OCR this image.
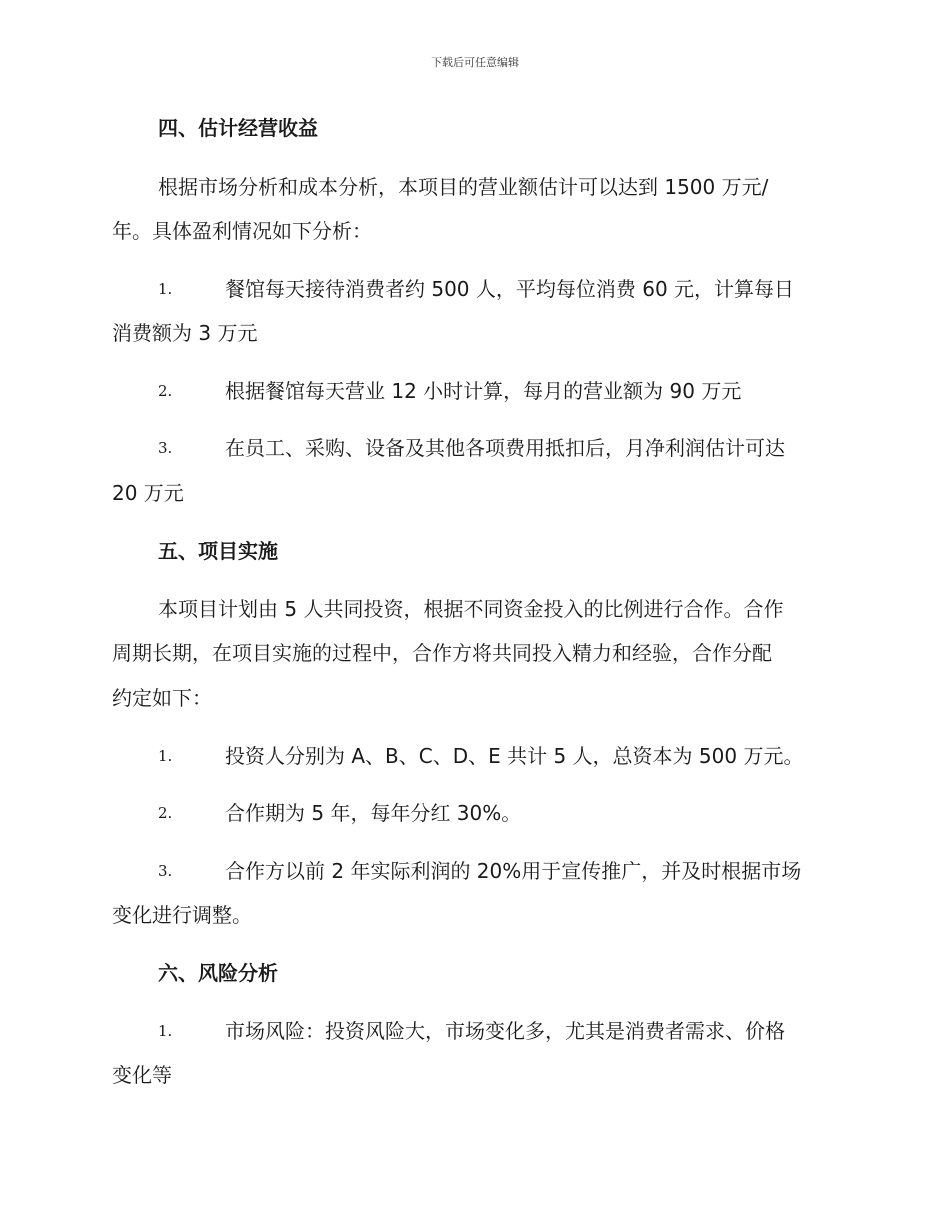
下载后可任意编辑
四、估计经营收益
根据市场分析和成本分析，本项目的营业额估计可以达到 1500 万元/
年。具体盈利情况如下分析：
1.	餐馆每天接待消费者约 500 人，平均每位消费 60 元，计算每日
消费额为 3 万元
2.	根据餐馆每天营业 12 小时计算，每月的营业额为 90 万元
3.	在员工、采购、设备及其他各项费用抵扣后，月净利润估计可达
20 万元
五、项目实施
本项目计划由 5 人共同投资，根据不同资金投入的比例进行合作。合作
周期长期，在项目实施的过程中，合作方将共同投入精力和经验，合作分配
约定如下：
1.	投资人分别为 A、B、C、D、E 共计 5 人，总资本为 500 万元。
2.	合作期为 5 年，每年分红 30%。
3.	合作方以前 2 年实际利润的 20%用于宣传推广，并及时根据市场
变化进行调整。
六、风险分析
1.	市场风险：投资风险大，市场变化多，尤其是消费者需求、价格
变化等
